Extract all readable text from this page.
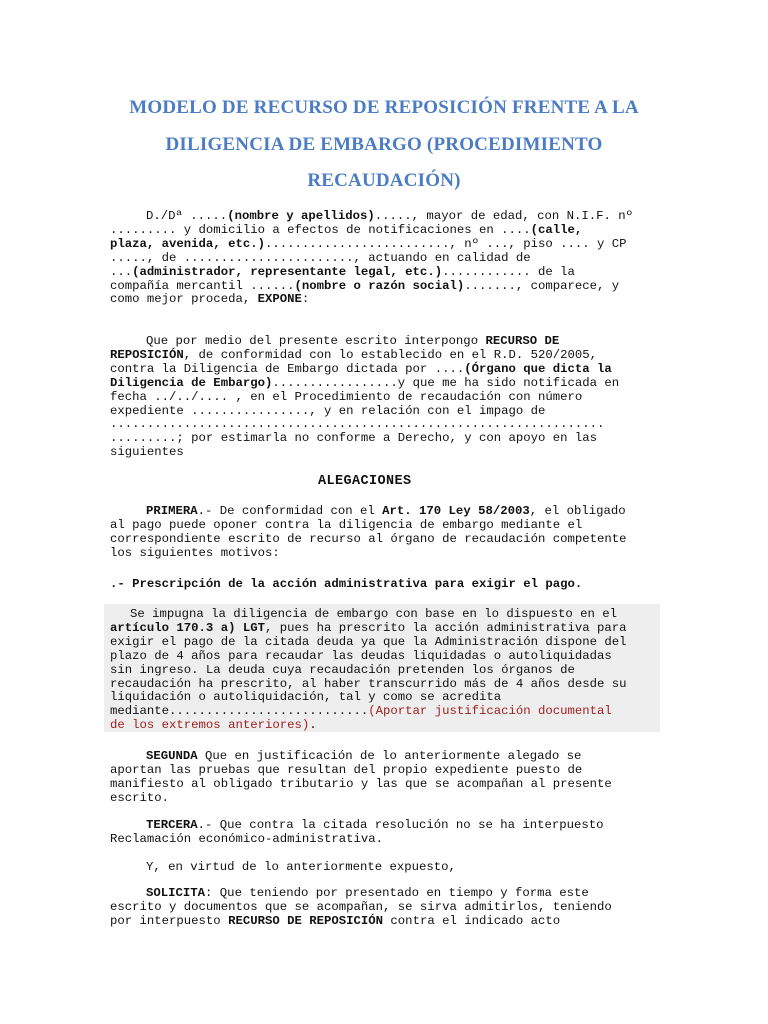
MODELO DE RECURSO DE REPOSICIÓN FRENTE A LA
DILIGENCIA DE EMBARGO (PROCEDIMIENTO
RECAUDACIÓN)
D./Dª .....(nombre y apellidos)....., mayor de edad, con N.I.F. nº
......... y domicilio a efectos de notificaciones en ....(calle,
plaza, avenida, etc.)........................., nº ..., piso .... y CP
....., de ......................., actuando en calidad de
...(administrador, representante legal, etc.)............ de la
compañía mercantil ......(nombre o razón social)......., comparece, y
como mejor proceda, EXPONE:
Que por medio del presente escrito interpongo RECURSO DE
REPOSICIÓN, de conformidad con lo establecido en el R.D. 520/2005,
contra la Diligencia de Embargo dictada por ....(Órgano que dicta la
Diligencia de Embargo).................y que me ha sido notificada en
fecha ../../.... , en el Procedimiento de recaudación con número
expediente ................, y en relación con el impago de
...................................................................
.........; por estimarla no conforme a Derecho, y con apoyo en las
siguientes
ALEGACIONES
PRIMERA.- De conformidad con el Art. 170 Ley 58/2003, el obligado
al pago puede oponer contra la diligencia de embargo mediante el
correspondiente escrito de recurso al órgano de recaudación competente
los siguientes motivos:
.- Prescripción de la acción administrativa para exigir el pago.
Se impugna la diligencia de embargo con base en lo dispuesto en el
artículo 170.3 a) LGT, pues ha prescrito la acción administrativa para
exigir el pago de la citada deuda ya que la Administración dispone del
plazo de 4 años para recaudar las deudas liquidadas o autoliquidadas
sin ingreso. La deuda cuya recaudación pretenden los órganos de
recaudación ha prescrito, al haber transcurrido más de 4 años desde su
liquidación o autoliquidación, tal y como se acredita
mediante...........................(Aportar justificación documental
de los extremos anteriores).
SEGUNDA Que en justificación de lo anteriormente alegado se
aportan las pruebas que resultan del propio expediente puesto de
manifiesto al obligado tributario y las que se acompañan al presente
escrito.
TERCERA.- Que contra la citada resolución no se ha interpuesto
Reclamación económico-administrativa.
Y, en virtud de lo anteriormente expuesto,
SOLICITA: Que teniendo por presentado en tiempo y forma este
escrito y documentos que se acompañan, se sirva admitirlos, teniendo
por interpuesto RECURSO DE REPOSICIÓN contra el indicado acto
